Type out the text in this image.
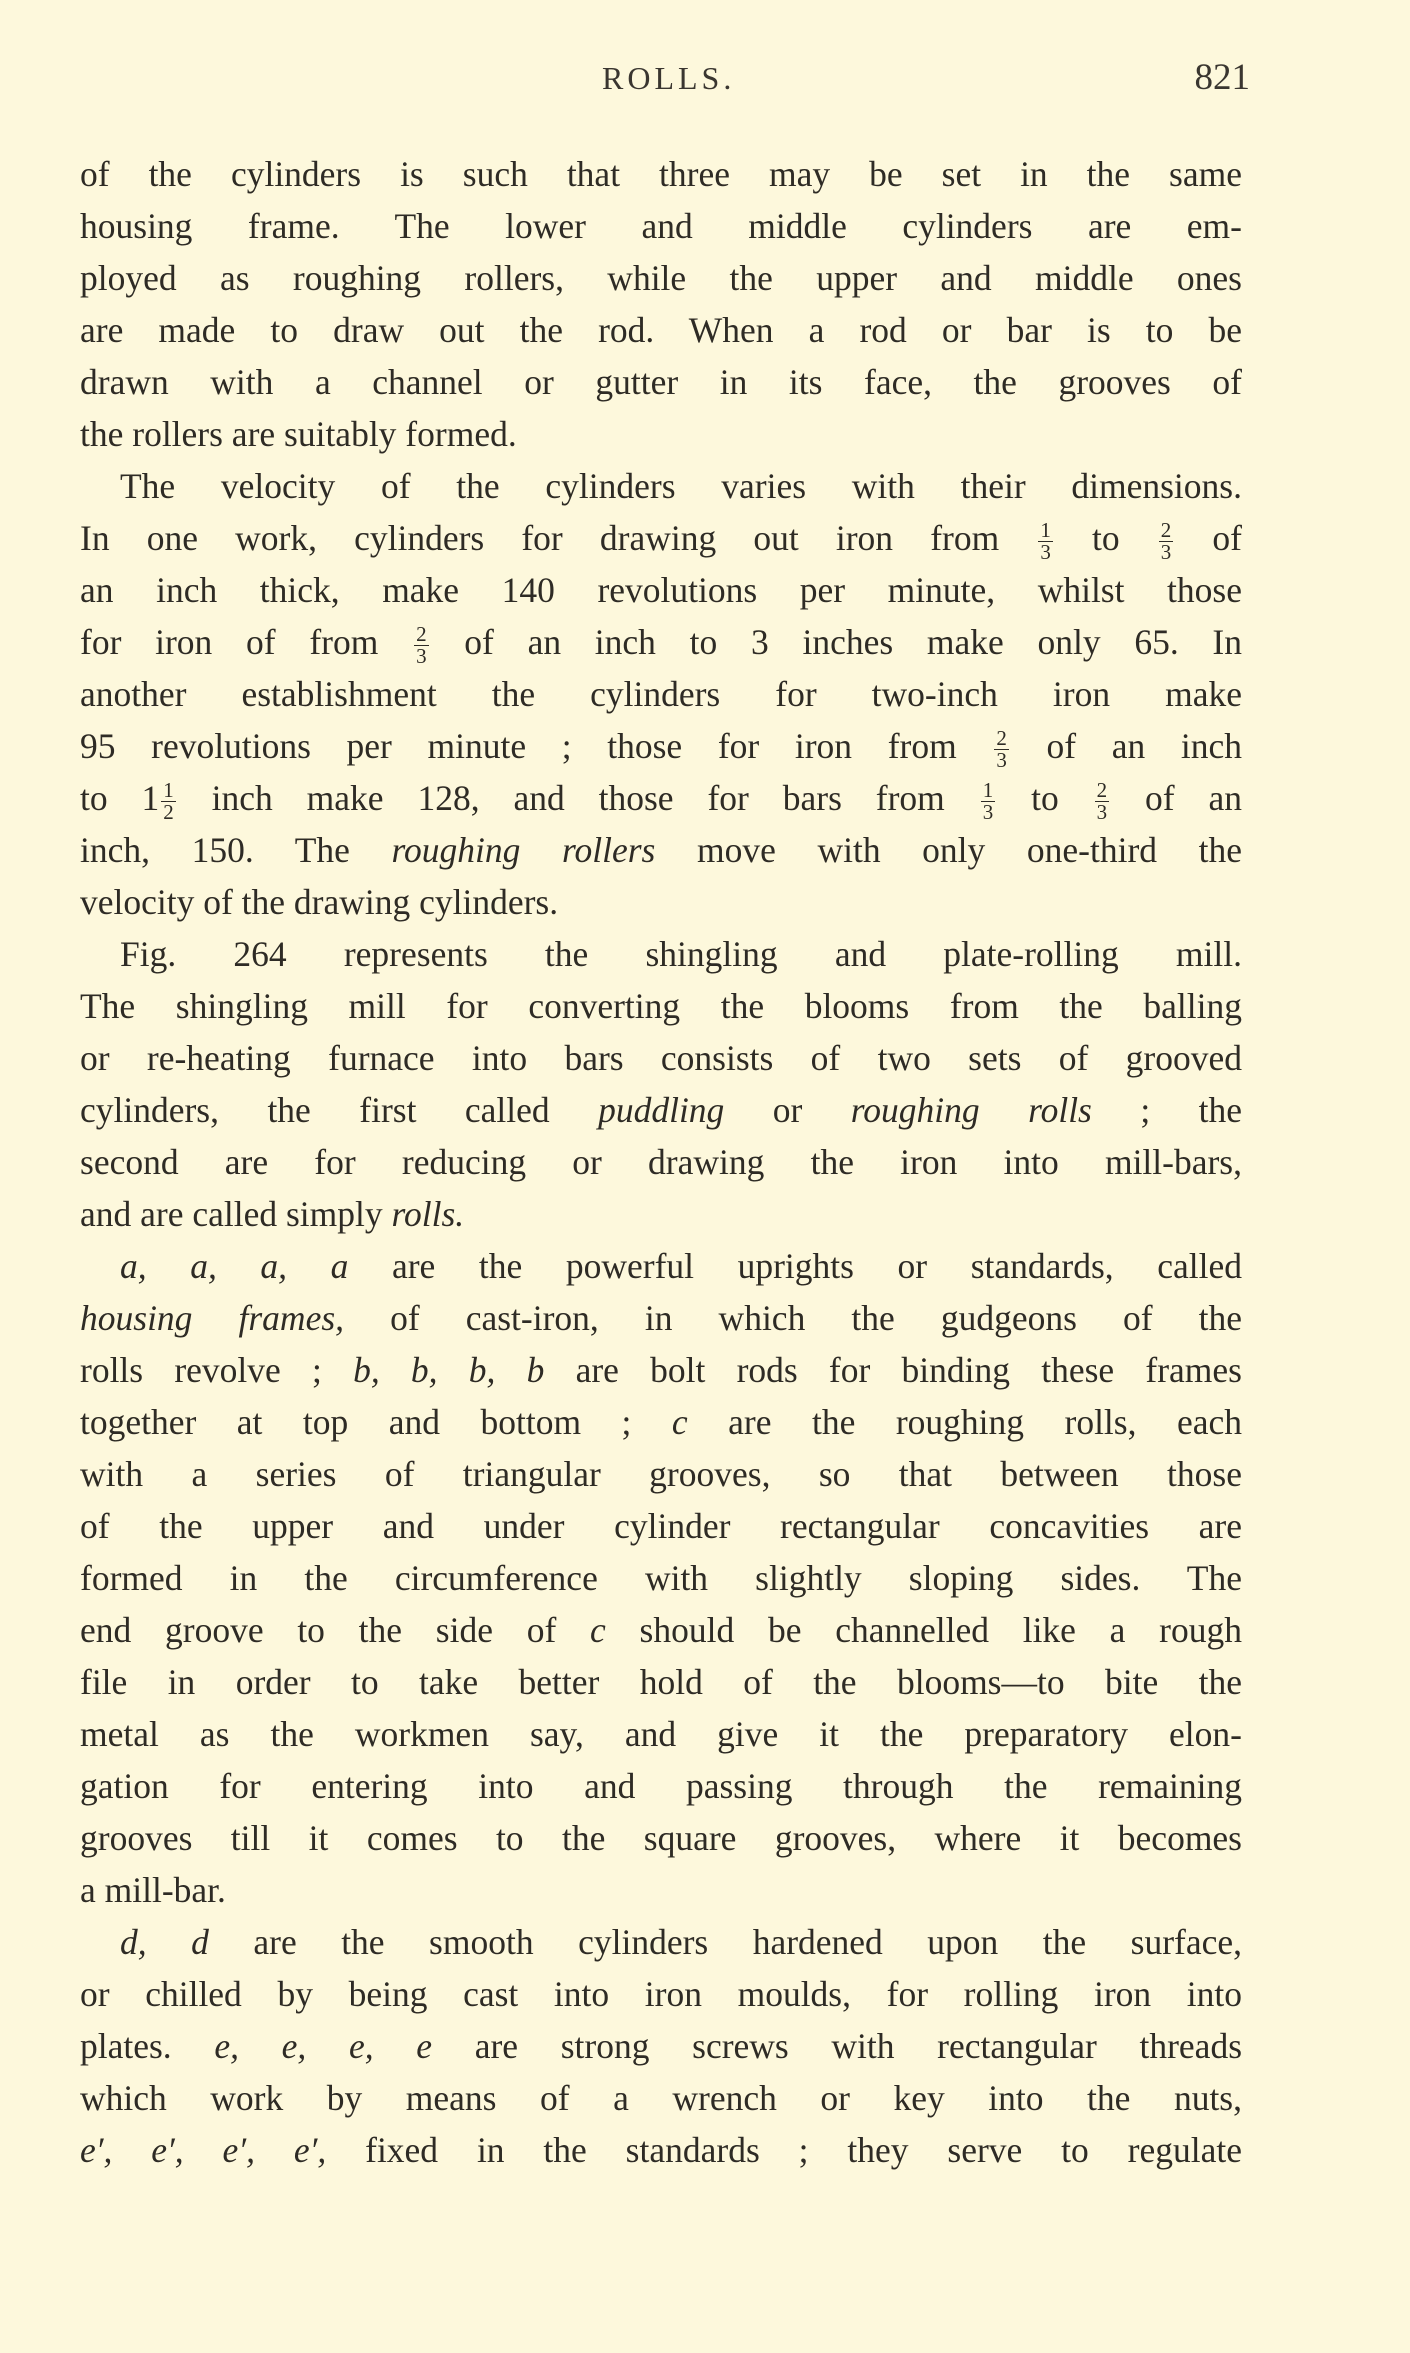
ROLLS.	821
of the cylinders is such that three may be set in the same
housing frame. The lower and middle cylinders are em-
ployed as roughing rollers, while the upper and middle ones
are made to draw out the rod. When a rod or bar is to be
drawn with a channel or gutter in its face, the grooves of
the rollers are suitably formed.
The velocity of the cylinders varies with their dimensions.
In one work, cylinders for drawing out iron from $\frac{1}{3}$ to $\frac{2}{3}$ of
an inch thick, make 140 revolutions per minute, whilst those
for iron of from $\frac{2}{3}$ of an inch to 3 inches make only 65. In
another establishment the cylinders for two-inch iron make
95 revolutions per minute ; those for iron from $\frac{2}{3}$ of an inch
to $1 \frac{1}{2}$ inch make 128, and those for bars from $\frac{1}{3}$ to $\frac{2}{3}$ of an
inch, 150. The roughing rollers move with only one-third the
velocity of the drawing cylinders.
Fig. 264 represents the shingling and plate-rolling mill.
The shingling mill for converting the blooms from the balling
or re-heating furnace into bars consists of two sets of grooved
cylinders, the first called puddling or roughing rolls ; the
second are for reducing or drawing the iron into mill-bars,
and are called simply rolls.
a, a, a, a are the powerful uprights or standards, called
housing frames, of cast-iron, in which the gudgeons of the
rolls revolve ; b, b, b, b are bolt rods for binding these frames
together at top and bottom ; c are the roughing rolls, each
with a series of triangular grooves, so that between those
of the upper and under cylinder rectangular concavities are
formed in the circumference with slightly sloping sides. The
end groove to the side of c should be channelled like a rough
file in order to take better hold of the blooms—to bite the
metal as the workmen say, and give it the preparatory elon-
gation for entering into and passing through the remaining
grooves till it comes to the square grooves, where it becomes
a mill-bar.
d, d are the smooth cylinders hardened upon the surface,
or chilled by being cast into iron moulds, for rolling iron into
plates. e, e, e, e are strong screws with rectangular threads
which work by means of a wrench or key into the nuts,
e′, e′, e′, e′, fixed in the standards ; they serve to regulate
